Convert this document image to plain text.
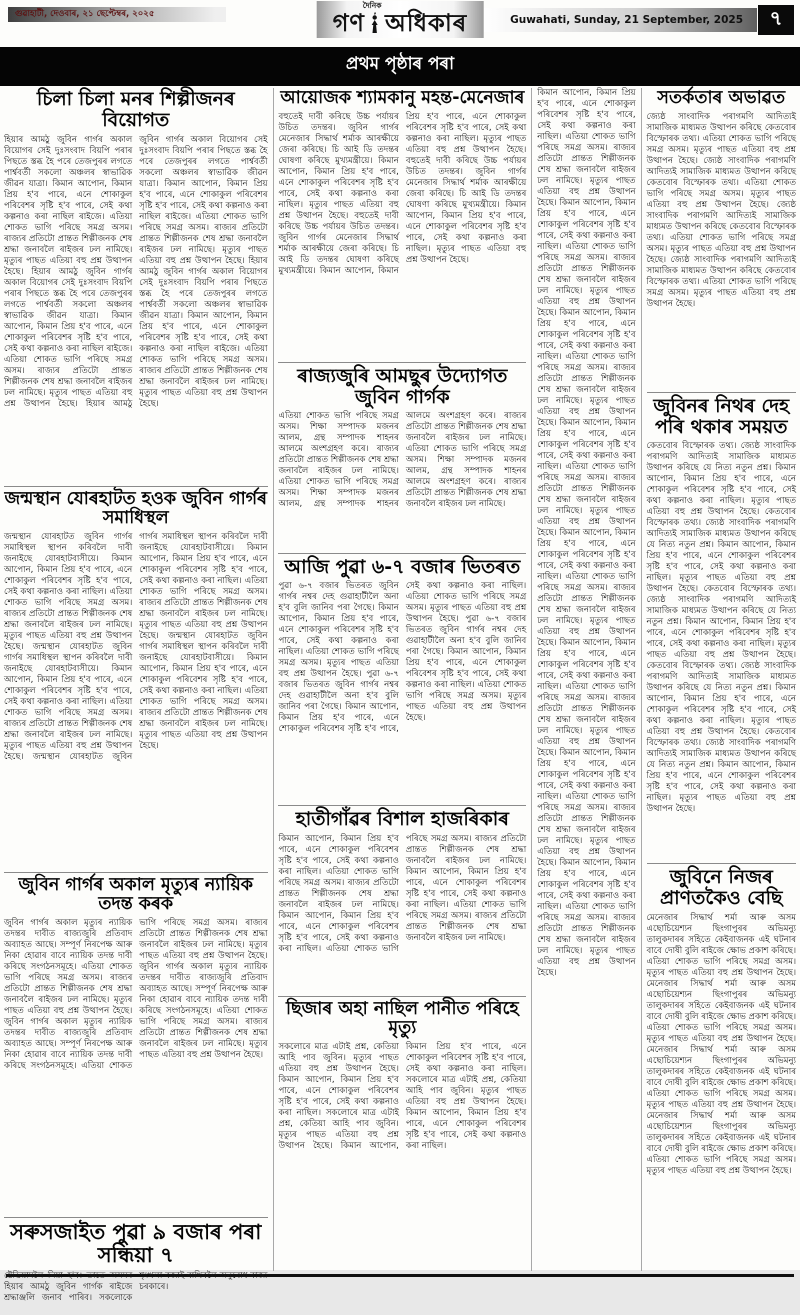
গুৱাহাটী, দেওবাৰ, ২১ ছেপ্টেম্বৰ, ২০২৫
দৈনিক
গণ অধিকাৰ	Guwahati, Sunday, 21 September, 2025	৭
প্ৰথম পৃষ্ঠাৰ পৰা
চিলা চিলা মনৰ শিল্পীজনৰ বিয়োগত
হিয়াৰ আমঠু জুবিন গাৰ্গৰ অকাল বিয়োগৰ সেই দুঃসংবাদ বিয়পি পৰাৰ পিছতে স্তব্ধ হৈ পৰে তেজপুৰৰ লগতে পাৰ্শ্ববৰ্তী সকলো অঞ্চলৰ স্বাভাৱিক জীৱন যাত্ৰা। কিমান আপোন, কিমান প্ৰিয় হ'ব পাৰে, এনে শোকাকুল পৰিবেশৰ সৃষ্টি হ'ব পাৰে, সেই কথা কল্পনাও কৰা নাছিল ৰাইজে। এতিয়া শোকত ভাগি পৰিছে সমগ্ৰ অসম। ৰাজ্যৰ প্ৰতিটো প্ৰান্তত শিল্পীজনক শেষ শ্ৰদ্ধা জনাবলৈ ৰাইজৰ ঢল নামিছে। মৃত্যুৰ পাছত এতিয়া বহু প্ৰশ্ন উত্থাপন হৈছে। হিয়াৰ আমঠু জুবিন গাৰ্গৰ অকাল বিয়োগৰ সেই দুঃসংবাদ বিয়পি পৰাৰ পিছতে স্তব্ধ হৈ পৰে তেজপুৰৰ লগতে পাৰ্শ্ববৰ্তী সকলো অঞ্চলৰ স্বাভাৱিক জীৱন যাত্ৰা। কিমান আপোন, কিমান প্ৰিয় হ'ব পাৰে, এনে শোকাকুল পৰিবেশৰ সৃষ্টি হ'ব পাৰে, সেই কথা কল্পনাও কৰা নাছিল ৰাইজে। এতিয়া শোকত ভাগি পৰিছে সমগ্ৰ অসম। ৰাজ্যৰ প্ৰতিটো প্ৰান্তত শিল্পীজনক শেষ শ্ৰদ্ধা জনাবলৈ ৰাইজৰ ঢল নামিছে। মৃত্যুৰ পাছত এতিয়া বহু প্ৰশ্ন উত্থাপন হৈছে। হিয়াৰ আমঠু জুবিন গাৰ্গৰ অকাল বিয়োগৰ সেই দুঃসংবাদ বিয়পি পৰাৰ পিছতে স্তব্ধ হৈ পৰে তেজপুৰৰ লগতে পাৰ্শ্ববৰ্তী সকলো অঞ্চলৰ স্বাভাৱিক জীৱন যাত্ৰা। কিমান আপোন, কিমান প্ৰিয় হ'ব পাৰে, এনে শোকাকুল পৰিবেশৰ সৃষ্টি হ'ব পাৰে, সেই কথা কল্পনাও কৰা নাছিল ৰাইজে। এতিয়া শোকত ভাগি পৰিছে সমগ্ৰ অসম। ৰাজ্যৰ প্ৰতিটো প্ৰান্তত শিল্পীজনক শেষ শ্ৰদ্ধা জনাবলৈ ৰাইজৰ ঢল নামিছে। মৃত্যুৰ পাছত এতিয়া বহু প্ৰশ্ন উত্থাপন হৈছে। হিয়াৰ আমঠু জুবিন গাৰ্গৰ অকাল বিয়োগৰ সেই দুঃসংবাদ বিয়পি পৰাৰ পিছতে স্তব্ধ হৈ পৰে তেজপুৰৰ লগতে পাৰ্শ্ববৰ্তী সকলো অঞ্চলৰ স্বাভাৱিক জীৱন যাত্ৰা। কিমান আপোন, কিমান প্ৰিয় হ'ব পাৰে, এনে শোকাকুল পৰিবেশৰ সৃষ্টি হ'ব পাৰে, সেই কথা কল্পনাও কৰা নাছিল ৰাইজে। এতিয়া শোকত ভাগি পৰিছে সমগ্ৰ অসম। ৰাজ্যৰ প্ৰতিটো প্ৰান্তত শিল্পীজনক শেষ শ্ৰদ্ধা জনাবলৈ ৰাইজৰ ঢল নামিছে। মৃত্যুৰ পাছত এতিয়া বহু প্ৰশ্ন উত্থাপন হৈছে।
জন্মস্থান যোৰহাটত হওক জুবিন গাৰ্গৰ সমাধিস্থল
জন্মস্থান যোৰহাটত জুবিন গাৰ্গৰ সমাধিস্থল স্থাপন কৰিবলৈ দাবী জনাইছে যোৰহাটবাসীয়ে। কিমান আপোন, কিমান প্ৰিয় হ'ব পাৰে, এনে শোকাকুল পৰিবেশৰ সৃষ্টি হ'ব পাৰে, সেই কথা কল্পনাও কৰা নাছিল। এতিয়া শোকত ভাগি পৰিছে সমগ্ৰ অসম। ৰাজ্যৰ প্ৰতিটো প্ৰান্তত শিল্পীজনক শেষ শ্ৰদ্ধা জনাবলৈ ৰাইজৰ ঢল নামিছে। মৃত্যুৰ পাছত এতিয়া বহু প্ৰশ্ন উত্থাপন হৈছে। জন্মস্থান যোৰহাটত জুবিন গাৰ্গৰ সমাধিস্থল স্থাপন কৰিবলৈ দাবী জনাইছে যোৰহাটবাসীয়ে। কিমান আপোন, কিমান প্ৰিয় হ'ব পাৰে, এনে শোকাকুল পৰিবেশৰ সৃষ্টি হ'ব পাৰে, সেই কথা কল্পনাও কৰা নাছিল। এতিয়া শোকত ভাগি পৰিছে সমগ্ৰ অসম। ৰাজ্যৰ প্ৰতিটো প্ৰান্তত শিল্পীজনক শেষ শ্ৰদ্ধা জনাবলৈ ৰাইজৰ ঢল নামিছে। মৃত্যুৰ পাছত এতিয়া বহু প্ৰশ্ন উত্থাপন হৈছে। জন্মস্থান যোৰহাটত জুবিন গাৰ্গৰ সমাধিস্থল স্থাপন কৰিবলৈ দাবী জনাইছে যোৰহাটবাসীয়ে। কিমান আপোন, কিমান প্ৰিয় হ'ব পাৰে, এনে শোকাকুল পৰিবেশৰ সৃষ্টি হ'ব পাৰে, সেই কথা কল্পনাও কৰা নাছিল। এতিয়া শোকত ভাগি পৰিছে সমগ্ৰ অসম। ৰাজ্যৰ প্ৰতিটো প্ৰান্তত শিল্পীজনক শেষ শ্ৰদ্ধা জনাবলৈ ৰাইজৰ ঢল নামিছে। মৃত্যুৰ পাছত এতিয়া বহু প্ৰশ্ন উত্থাপন হৈছে। জন্মস্থান যোৰহাটত জুবিন গাৰ্গৰ সমাধিস্থল স্থাপন কৰিবলৈ দাবী জনাইছে যোৰহাটবাসীয়ে। কিমান আপোন, কিমান প্ৰিয় হ'ব পাৰে, এনে শোকাকুল পৰিবেশৰ সৃষ্টি হ'ব পাৰে, সেই কথা কল্পনাও কৰা নাছিল। এতিয়া শোকত ভাগি পৰিছে সমগ্ৰ অসম। ৰাজ্যৰ প্ৰতিটো প্ৰান্তত শিল্পীজনক শেষ শ্ৰদ্ধা জনাবলৈ ৰাইজৰ ঢল নামিছে। মৃত্যুৰ পাছত এতিয়া বহু প্ৰশ্ন উত্থাপন হৈছে।
জুবিন গাৰ্গৰ অকাল মৃত্যুৰ ন্যায়িক তদন্ত কৰক
জুবিন গাৰ্গৰ অকাল মৃত্যুৰ ন্যায়িক তদন্তৰ দাবীত ৰাজ্যজুৰি প্ৰতিবাদ অব্যাহত আছে। সম্পূৰ্ণ নিৰপেক্ষ আৰু নিকা হোৱাৰ বাবে ন্যায়িক তদন্ত দাবী কৰিছে সংগঠনসমূহে। এতিয়া শোকত ভাগি পৰিছে সমগ্ৰ অসম। ৰাজ্যৰ প্ৰতিটো প্ৰান্তত শিল্পীজনক শেষ শ্ৰদ্ধা জনাবলৈ ৰাইজৰ ঢল নামিছে। মৃত্যুৰ পাছত এতিয়া বহু প্ৰশ্ন উত্থাপন হৈছে। জুবিন গাৰ্গৰ অকাল মৃত্যুৰ ন্যায়িক তদন্তৰ দাবীত ৰাজ্যজুৰি প্ৰতিবাদ অব্যাহত আছে। সম্পূৰ্ণ নিৰপেক্ষ আৰু নিকা হোৱাৰ বাবে ন্যায়িক তদন্ত দাবী কৰিছে সংগঠনসমূহে। এতিয়া শোকত ভাগি পৰিছে সমগ্ৰ অসম। ৰাজ্যৰ প্ৰতিটো প্ৰান্তত শিল্পীজনক শেষ শ্ৰদ্ধা জনাবলৈ ৰাইজৰ ঢল নামিছে। মৃত্যুৰ পাছত এতিয়া বহু প্ৰশ্ন উত্থাপন হৈছে। জুবিন গাৰ্গৰ অকাল মৃত্যুৰ ন্যায়িক তদন্তৰ দাবীত ৰাজ্যজুৰি প্ৰতিবাদ অব্যাহত আছে। সম্পূৰ্ণ নিৰপেক্ষ আৰু নিকা হোৱাৰ বাবে ন্যায়িক তদন্ত দাবী কৰিছে সংগঠনসমূহে। এতিয়া শোকত ভাগি পৰিছে সমগ্ৰ অসম। ৰাজ্যৰ প্ৰতিটো প্ৰান্তত শিল্পীজনক শেষ শ্ৰদ্ধা জনাবলৈ ৰাইজৰ ঢল নামিছে। মৃত্যুৰ পাছত এতিয়া বহু প্ৰশ্ন উত্থাপন হৈছে।
সৰুসজাইত পুৱা ৯ বজাৰ পৰা সন্ধিয়া ৭
ষ্টেডিয়ামলৈ নিয়া হ'ব। তাতে অসমৰ হিয়াৰ আমঠু জুবিন গাৰ্গক ৰাইজে শ্ৰদ্ধাঞ্জলি জনাব পাৰিব। সকলোকে শৃংখলা বজাই ৰাখিবলৈ অনুৰোধ ৰাজ্য চৰকাৰে।
আয়োজক শ্যামকানু মহন্ত-মেনেজাৰ
বহুতেই দাবী কৰিছে উচ্চ পৰ্যায়ৰ উচিত তদন্তৰ। জুবিন গাৰ্গৰ মেনেজাৰ সিদ্ধাৰ্থ শৰ্মাক আৰক্ষীয়ে জেৰা কৰিছে। চি আই ডি তদন্তৰ ঘোষণা কৰিছে মুখ্যমন্ত্ৰীয়ে। কিমান আপোন, কিমান প্ৰিয় হ'ব পাৰে, এনে শোকাকুল পৰিবেশৰ সৃষ্টি হ'ব পাৰে, সেই কথা কল্পনাও কৰা নাছিল। মৃত্যুৰ পাছত এতিয়া বহু প্ৰশ্ন উত্থাপন হৈছে। বহুতেই দাবী কৰিছে উচ্চ পৰ্যায়ৰ উচিত তদন্তৰ। জুবিন গাৰ্গৰ মেনেজাৰ সিদ্ধাৰ্থ শৰ্মাক আৰক্ষীয়ে জেৰা কৰিছে। চি আই ডি তদন্তৰ ঘোষণা কৰিছে মুখ্যমন্ত্ৰীয়ে। কিমান আপোন, কিমান প্ৰিয় হ'ব পাৰে, এনে শোকাকুল পৰিবেশৰ সৃষ্টি হ'ব পাৰে, সেই কথা কল্পনাও কৰা নাছিল। মৃত্যুৰ পাছত এতিয়া বহু প্ৰশ্ন উত্থাপন হৈছে। বহুতেই দাবী কৰিছে উচ্চ পৰ্যায়ৰ উচিত তদন্তৰ। জুবিন গাৰ্গৰ মেনেজাৰ সিদ্ধাৰ্থ শৰ্মাক আৰক্ষীয়ে জেৰা কৰিছে। চি আই ডি তদন্তৰ ঘোষণা কৰিছে মুখ্যমন্ত্ৰীয়ে। কিমান আপোন, কিমান প্ৰিয় হ'ব পাৰে, এনে শোকাকুল পৰিবেশৰ সৃষ্টি হ'ব পাৰে, সেই কথা কল্পনাও কৰা নাছিল। মৃত্যুৰ পাছত এতিয়া বহু প্ৰশ্ন উত্থাপন হৈছে।
ৰাজ্যজুৰি আমছুৰ উদ্যোগত জুবিন গাৰ্গক
এতিয়া শোকত ভাগি পৰিছে সমগ্ৰ অসম। শিক্ষা সম্পাদক মজনৰ আলম, গ্ৰন্থ সম্পাদক শাহনৰ আলমে অংশগ্ৰহণ কৰে। ৰাজ্যৰ প্ৰতিটো প্ৰান্তত শিল্পীজনক শেষ শ্ৰদ্ধা জনাবলৈ ৰাইজৰ ঢল নামিছে। এতিয়া শোকত ভাগি পৰিছে সমগ্ৰ অসম। শিক্ষা সম্পাদক মজনৰ আলম, গ্ৰন্থ সম্পাদক শাহনৰ আলমে অংশগ্ৰহণ কৰে। ৰাজ্যৰ প্ৰতিটো প্ৰান্তত শিল্পীজনক শেষ শ্ৰদ্ধা জনাবলৈ ৰাইজৰ ঢল নামিছে। এতিয়া শোকত ভাগি পৰিছে সমগ্ৰ অসম। শিক্ষা সম্পাদক মজনৰ আলম, গ্ৰন্থ সম্পাদক শাহনৰ আলমে অংশগ্ৰহণ কৰে। ৰাজ্যৰ প্ৰতিটো প্ৰান্তত শিল্পীজনক শেষ শ্ৰদ্ধা জনাবলৈ ৰাইজৰ ঢল নামিছে।
আজি পুৱা ৬-৭ বজাৰ ভিতৰত
পুৱা ৬-৭ বজাৰ ভিতৰত জুবিন গাৰ্গৰ নশ্বৰ দেহ গুৱাহাটীলৈ অনা হ'ব বুলি জানিব পৰা গৈছে। কিমান আপোন, কিমান প্ৰিয় হ'ব পাৰে, এনে শোকাকুল পৰিবেশৰ সৃষ্টি হ'ব পাৰে, সেই কথা কল্পনাও কৰা নাছিল। এতিয়া শোকত ভাগি পৰিছে সমগ্ৰ অসম। মৃত্যুৰ পাছত এতিয়া বহু প্ৰশ্ন উত্থাপন হৈছে। পুৱা ৬-৭ বজাৰ ভিতৰত জুবিন গাৰ্গৰ নশ্বৰ দেহ গুৱাহাটীলৈ অনা হ'ব বুলি জানিব পৰা গৈছে। কিমান আপোন, কিমান প্ৰিয় হ'ব পাৰে, এনে শোকাকুল পৰিবেশৰ সৃষ্টি হ'ব পাৰে, সেই কথা কল্পনাও কৰা নাছিল। এতিয়া শোকত ভাগি পৰিছে সমগ্ৰ অসম। মৃত্যুৰ পাছত এতিয়া বহু প্ৰশ্ন উত্থাপন হৈছে। পুৱা ৬-৭ বজাৰ ভিতৰত জুবিন গাৰ্গৰ নশ্বৰ দেহ গুৱাহাটীলৈ অনা হ'ব বুলি জানিব পৰা গৈছে। কিমান আপোন, কিমান প্ৰিয় হ'ব পাৰে, এনে শোকাকুল পৰিবেশৰ সৃষ্টি হ'ব পাৰে, সেই কথা কল্পনাও কৰা নাছিল। এতিয়া শোকত ভাগি পৰিছে সমগ্ৰ অসম। মৃত্যুৰ পাছত এতিয়া বহু প্ৰশ্ন উত্থাপন হৈছে।
হাতীগাঁৱৰ বিশাল হাজৰিকাৰ
কিমান আপোন, কিমান প্ৰিয় হ'ব পাৰে, এনে শোকাকুল পৰিবেশৰ সৃষ্টি হ'ব পাৰে, সেই কথা কল্পনাও কৰা নাছিল। এতিয়া শোকত ভাগি পৰিছে সমগ্ৰ অসম। ৰাজ্যৰ প্ৰতিটো প্ৰান্তত শিল্পীজনক শেষ শ্ৰদ্ধা জনাবলৈ ৰাইজৰ ঢল নামিছে। কিমান আপোন, কিমান প্ৰিয় হ'ব পাৰে, এনে শোকাকুল পৰিবেশৰ সৃষ্টি হ'ব পাৰে, সেই কথা কল্পনাও কৰা নাছিল। এতিয়া শোকত ভাগি পৰিছে সমগ্ৰ অসম। ৰাজ্যৰ প্ৰতিটো প্ৰান্তত শিল্পীজনক শেষ শ্ৰদ্ধা জনাবলৈ ৰাইজৰ ঢল নামিছে। কিমান আপোন, কিমান প্ৰিয় হ'ব পাৰে, এনে শোকাকুল পৰিবেশৰ সৃষ্টি হ'ব পাৰে, সেই কথা কল্পনাও কৰা নাছিল। এতিয়া শোকত ভাগি পৰিছে সমগ্ৰ অসম। ৰাজ্যৰ প্ৰতিটো প্ৰান্তত শিল্পীজনক শেষ শ্ৰদ্ধা জনাবলৈ ৰাইজৰ ঢল নামিছে।
ছিজাৰ অহা নাছিল পানীত পৰিহে মৃত্যু
সকলোৰে মাত্ৰ এটাই প্ৰশ্ন, কেতিয়া আহি পাব জুবিন। মৃত্যুৰ পাছত এতিয়া বহু প্ৰশ্ন উত্থাপন হৈছে। কিমান আপোন, কিমান প্ৰিয় হ'ব পাৰে, এনে শোকাকুল পৰিবেশৰ সৃষ্টি হ'ব পাৰে, সেই কথা কল্পনাও কৰা নাছিল। সকলোৰে মাত্ৰ এটাই প্ৰশ্ন, কেতিয়া আহি পাব জুবিন। মৃত্যুৰ পাছত এতিয়া বহু প্ৰশ্ন উত্থাপন হৈছে। কিমান আপোন, কিমান প্ৰিয় হ'ব পাৰে, এনে শোকাকুল পৰিবেশৰ সৃষ্টি হ'ব পাৰে, সেই কথা কল্পনাও কৰা নাছিল। সকলোৰে মাত্ৰ এটাই প্ৰশ্ন, কেতিয়া আহি পাব জুবিন। মৃত্যুৰ পাছত এতিয়া বহু প্ৰশ্ন উত্থাপন হৈছে। কিমান আপোন, কিমান প্ৰিয় হ'ব পাৰে, এনে শোকাকুল পৰিবেশৰ সৃষ্টি হ'ব পাৰে, সেই কথা কল্পনাও কৰা নাছিল।
কিমান আপোন, কিমান প্ৰিয় হ'ব পাৰে, এনে শোকাকুল পৰিবেশৰ সৃষ্টি হ'ব পাৰে, সেই কথা কল্পনাও কৰা নাছিল। এতিয়া শোকত ভাগি পৰিছে সমগ্ৰ অসম। ৰাজ্যৰ প্ৰতিটো প্ৰান্তত শিল্পীজনক শেষ শ্ৰদ্ধা জনাবলৈ ৰাইজৰ ঢল নামিছে। মৃত্যুৰ পাছত এতিয়া বহু প্ৰশ্ন উত্থাপন হৈছে। কিমান আপোন, কিমান প্ৰিয় হ'ব পাৰে, এনে শোকাকুল পৰিবেশৰ সৃষ্টি হ'ব পাৰে, সেই কথা কল্পনাও কৰা নাছিল। এতিয়া শোকত ভাগি পৰিছে সমগ্ৰ অসম। ৰাজ্যৰ প্ৰতিটো প্ৰান্তত শিল্পীজনক শেষ শ্ৰদ্ধা জনাবলৈ ৰাইজৰ ঢল নামিছে। মৃত্যুৰ পাছত এতিয়া বহু প্ৰশ্ন উত্থাপন হৈছে। কিমান আপোন, কিমান প্ৰিয় হ'ব পাৰে, এনে শোকাকুল পৰিবেশৰ সৃষ্টি হ'ব পাৰে, সেই কথা কল্পনাও কৰা নাছিল। এতিয়া শোকত ভাগি পৰিছে সমগ্ৰ অসম। ৰাজ্যৰ প্ৰতিটো প্ৰান্তত শিল্পীজনক শেষ শ্ৰদ্ধা জনাবলৈ ৰাইজৰ ঢল নামিছে। মৃত্যুৰ পাছত এতিয়া বহু প্ৰশ্ন উত্থাপন হৈছে। কিমান আপোন, কিমান প্ৰিয় হ'ব পাৰে, এনে শোকাকুল পৰিবেশৰ সৃষ্টি হ'ব পাৰে, সেই কথা কল্পনাও কৰা নাছিল। এতিয়া শোকত ভাগি পৰিছে সমগ্ৰ অসম। ৰাজ্যৰ প্ৰতিটো প্ৰান্তত শিল্পীজনক শেষ শ্ৰদ্ধা জনাবলৈ ৰাইজৰ ঢল নামিছে। মৃত্যুৰ পাছত এতিয়া বহু প্ৰশ্ন উত্থাপন হৈছে। কিমান আপোন, কিমান প্ৰিয় হ'ব পাৰে, এনে শোকাকুল পৰিবেশৰ সৃষ্টি হ'ব পাৰে, সেই কথা কল্পনাও কৰা নাছিল। এতিয়া শোকত ভাগি পৰিছে সমগ্ৰ অসম। ৰাজ্যৰ প্ৰতিটো প্ৰান্তত শিল্পীজনক শেষ শ্ৰদ্ধা জনাবলৈ ৰাইজৰ ঢল নামিছে। মৃত্যুৰ পাছত এতিয়া বহু প্ৰশ্ন উত্থাপন হৈছে। কিমান আপোন, কিমান প্ৰিয় হ'ব পাৰে, এনে শোকাকুল পৰিবেশৰ সৃষ্টি হ'ব পাৰে, সেই কথা কল্পনাও কৰা নাছিল। এতিয়া শোকত ভাগি পৰিছে সমগ্ৰ অসম। ৰাজ্যৰ প্ৰতিটো প্ৰান্তত শিল্পীজনক শেষ শ্ৰদ্ধা জনাবলৈ ৰাইজৰ ঢল নামিছে। মৃত্যুৰ পাছত এতিয়া বহু প্ৰশ্ন উত্থাপন হৈছে। কিমান আপোন, কিমান প্ৰিয় হ'ব পাৰে, এনে শোকাকুল পৰিবেশৰ সৃষ্টি হ'ব পাৰে, সেই কথা কল্পনাও কৰা নাছিল। এতিয়া শোকত ভাগি পৰিছে সমগ্ৰ অসম। ৰাজ্যৰ প্ৰতিটো প্ৰান্তত শিল্পীজনক শেষ শ্ৰদ্ধা জনাবলৈ ৰাইজৰ ঢল নামিছে। মৃত্যুৰ পাছত এতিয়া বহু প্ৰশ্ন উত্থাপন হৈছে। কিমান আপোন, কিমান প্ৰিয় হ'ব পাৰে, এনে শোকাকুল পৰিবেশৰ সৃষ্টি হ'ব পাৰে, সেই কথা কল্পনাও কৰা নাছিল। এতিয়া শোকত ভাগি পৰিছে সমগ্ৰ অসম। ৰাজ্যৰ প্ৰতিটো প্ৰান্তত শিল্পীজনক শেষ শ্ৰদ্ধা জনাবলৈ ৰাইজৰ ঢল নামিছে। মৃত্যুৰ পাছত এতিয়া বহু প্ৰশ্ন উত্থাপন হৈছে।
সতৰ্কতাৰ অভাৱত
জ্যেষ্ঠ সাংবাদিক পৰাগমণি আদিত্যই সামাজিক মাধ্যমত উত্থাপন কৰিছে কেতবোৰ বিস্ফোৰক তথ্য। এতিয়া শোকত ভাগি পৰিছে সমগ্ৰ অসম। মৃত্যুৰ পাছত এতিয়া বহু প্ৰশ্ন উত্থাপন হৈছে। জ্যেষ্ঠ সাংবাদিক পৰাগমণি আদিত্যই সামাজিক মাধ্যমত উত্থাপন কৰিছে কেতবোৰ বিস্ফোৰক তথ্য। এতিয়া শোকত ভাগি পৰিছে সমগ্ৰ অসম। মৃত্যুৰ পাছত এতিয়া বহু প্ৰশ্ন উত্থাপন হৈছে। জ্যেষ্ঠ সাংবাদিক পৰাগমণি আদিত্যই সামাজিক মাধ্যমত উত্থাপন কৰিছে কেতবোৰ বিস্ফোৰক তথ্য। এতিয়া শোকত ভাগি পৰিছে সমগ্ৰ অসম। মৃত্যুৰ পাছত এতিয়া বহু প্ৰশ্ন উত্থাপন হৈছে। জ্যেষ্ঠ সাংবাদিক পৰাগমণি আদিত্যই সামাজিক মাধ্যমত উত্থাপন কৰিছে কেতবোৰ বিস্ফোৰক তথ্য। এতিয়া শোকত ভাগি পৰিছে সমগ্ৰ অসম। মৃত্যুৰ পাছত এতিয়া বহু প্ৰশ্ন উত্থাপন হৈছে।
জুবিনৰ নিথৰ দেহ পৰি থকাৰ সময়ত
কেতবোৰ বিস্ফোৰক তথ্য। জ্যেষ্ঠ সাংবাদিক পৰাগমণি আদিত্যই সামাজিক মাধ্যমত উত্থাপন কৰিছে যে নিত্য নতুন প্ৰশ্ন। কিমান আপোন, কিমান প্ৰিয় হ'ব পাৰে, এনে শোকাকুল পৰিবেশৰ সৃষ্টি হ'ব পাৰে, সেই কথা কল্পনাও কৰা নাছিল। মৃত্যুৰ পাছত এতিয়া বহু প্ৰশ্ন উত্থাপন হৈছে। কেতবোৰ বিস্ফোৰক তথ্য। জ্যেষ্ঠ সাংবাদিক পৰাগমণি আদিত্যই সামাজিক মাধ্যমত উত্থাপন কৰিছে যে নিত্য নতুন প্ৰশ্ন। কিমান আপোন, কিমান প্ৰিয় হ'ব পাৰে, এনে শোকাকুল পৰিবেশৰ সৃষ্টি হ'ব পাৰে, সেই কথা কল্পনাও কৰা নাছিল। মৃত্যুৰ পাছত এতিয়া বহু প্ৰশ্ন উত্থাপন হৈছে। কেতবোৰ বিস্ফোৰক তথ্য। জ্যেষ্ঠ সাংবাদিক পৰাগমণি আদিত্যই সামাজিক মাধ্যমত উত্থাপন কৰিছে যে নিত্য নতুন প্ৰশ্ন। কিমান আপোন, কিমান প্ৰিয় হ'ব পাৰে, এনে শোকাকুল পৰিবেশৰ সৃষ্টি হ'ব পাৰে, সেই কথা কল্পনাও কৰা নাছিল। মৃত্যুৰ পাছত এতিয়া বহু প্ৰশ্ন উত্থাপন হৈছে। কেতবোৰ বিস্ফোৰক তথ্য। জ্যেষ্ঠ সাংবাদিক পৰাগমণি আদিত্যই সামাজিক মাধ্যমত উত্থাপন কৰিছে যে নিত্য নতুন প্ৰশ্ন। কিমান আপোন, কিমান প্ৰিয় হ'ব পাৰে, এনে শোকাকুল পৰিবেশৰ সৃষ্টি হ'ব পাৰে, সেই কথা কল্পনাও কৰা নাছিল। মৃত্যুৰ পাছত এতিয়া বহু প্ৰশ্ন উত্থাপন হৈছে। কেতবোৰ বিস্ফোৰক তথ্য। জ্যেষ্ঠ সাংবাদিক পৰাগমণি আদিত্যই সামাজিক মাধ্যমত উত্থাপন কৰিছে যে নিত্য নতুন প্ৰশ্ন। কিমান আপোন, কিমান প্ৰিয় হ'ব পাৰে, এনে শোকাকুল পৰিবেশৰ সৃষ্টি হ'ব পাৰে, সেই কথা কল্পনাও কৰা নাছিল। মৃত্যুৰ পাছত এতিয়া বহু প্ৰশ্ন উত্থাপন হৈছে।
জুবিনে নিজৰ প্ৰাণতকৈও বেছি
মেনেজাৰ সিদ্ধাৰ্থ শৰ্মা আৰু অসম এছোচিয়েশ্যন ছিংগাপুৰৰ অভিমন্যু তালুকদাৰৰ সহিতে কেইবাজনক এই ঘটনাৰ বাবে দোষী বুলি ৰাইজে ক্ষোভ প্ৰকাশ কৰিছে। এতিয়া শোকত ভাগি পৰিছে সমগ্ৰ অসম। মৃত্যুৰ পাছত এতিয়া বহু প্ৰশ্ন উত্থাপন হৈছে। মেনেজাৰ সিদ্ধাৰ্থ শৰ্মা আৰু অসম এছোচিয়েশ্যন ছিংগাপুৰৰ অভিমন্যু তালুকদাৰৰ সহিতে কেইবাজনক এই ঘটনাৰ বাবে দোষী বুলি ৰাইজে ক্ষোভ প্ৰকাশ কৰিছে। এতিয়া শোকত ভাগি পৰিছে সমগ্ৰ অসম। মৃত্যুৰ পাছত এতিয়া বহু প্ৰশ্ন উত্থাপন হৈছে। মেনেজাৰ সিদ্ধাৰ্থ শৰ্মা আৰু অসম এছোচিয়েশ্যন ছিংগাপুৰৰ অভিমন্যু তালুকদাৰৰ সহিতে কেইবাজনক এই ঘটনাৰ বাবে দোষী বুলি ৰাইজে ক্ষোভ প্ৰকাশ কৰিছে। এতিয়া শোকত ভাগি পৰিছে সমগ্ৰ অসম। মৃত্যুৰ পাছত এতিয়া বহু প্ৰশ্ন উত্থাপন হৈছে। মেনেজাৰ সিদ্ধাৰ্থ শৰ্মা আৰু অসম এছোচিয়েশ্যন ছিংগাপুৰৰ অভিমন্যু তালুকদাৰৰ সহিতে কেইবাজনক এই ঘটনাৰ বাবে দোষী বুলি ৰাইজে ক্ষোভ প্ৰকাশ কৰিছে। এতিয়া শোকত ভাগি পৰিছে সমগ্ৰ অসম। মৃত্যুৰ পাছত এতিয়া বহু প্ৰশ্ন উত্থাপন হৈছে।
